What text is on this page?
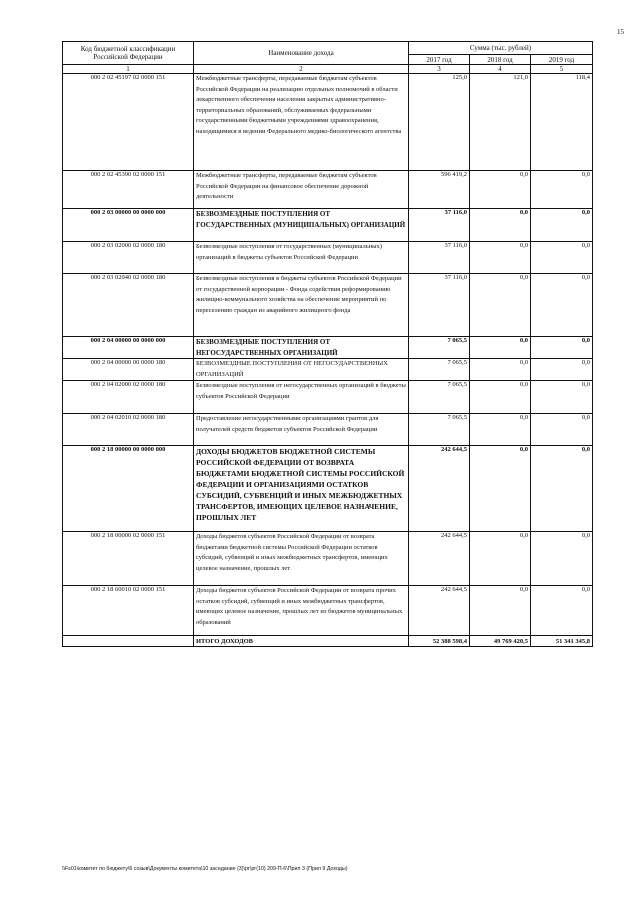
15
Код бюджетной классификации Российской Федерации	Наименование дохода	Сумма (тыс. рублей)		
		2017 год	2018 год	2019 год
1	2	3	4	5
000 2 02 45197 02 0000 151	Межбюджетные трансферты, передаваемые бюджетам субъектов Российской Федерации на реализацию отдельных полномочий в области лекарственного обеспечения населения закрытых административно-территориальных образований, обслуживаемых федеральными государственными бюджетными учреждениями здравоохранения, находящимися в ведении Федерального медико-биологического агентства	125,0	121,0	118,4
000 2 02 45390 02 0000 151	Межбюджетные трансферты, передаваемые бюджетам субъектов Российской Федерации на финансовое обеспечение дорожной деятельности	596 419,2	0,0	0,0
000 2 03 00000 00 0000 000	БЕЗВОЗМЕЗДНЫЕ ПОСТУПЛЕНИЯ ОТ ГОСУДАРСТВЕННЫХ (МУНИЦИПАЛЬНЫХ) ОРГАНИЗАЦИЙ	37 116,0	0,0	0,0
000 2 03 02000 02 0000 180	Безвозмездные поступления от государственных (муниципальных) организаций в бюджеты субъектов Российской Федерации	37 116,0	0,0	0,0
000 2 03 02040 02 0000 180	Безвозмездные поступления в бюджеты субъектов Российской Федерации от государственной корпорации - Фонда содействия реформированию жилищно-коммунального хозяйства на обеспечение мероприятий по переселению граждан из аварийного жилищного фонда	37 116,0	0,0	0,0
000 2 04 00000 00 0000 000	БЕЗВОЗМЕЗДНЫЕ ПОСТУПЛЕНИЯ ОТ НЕГОСУДАРСТВЕННЫХ ОРГАНИЗАЦИЙ	7 065,5	0,0	0,0
000 2 04 00000 00 0000 180	БЕЗВОЗМЕЗДНЫЕ ПОСТУПЛЕНИЯ ОТ НЕГОСУДАРСТВЕННЫХ ОРГАНИЗАЦИЙ	7 065,5	0,0	0,0
000 2 04 02000 02 0000 180	Безвозмездные поступления от негосударственных организаций в бюджеты субъектов Российской Федерации	7 065,5	0,0	0,0
000 2 04 02010 02 0000 180	Предоставление негосударственными организациями грантов для получателей средств бюджетов субъектов Российской Федерации	7 065,5	0,0	0,0
000 2 18 00000 00 0000 000	ДОХОДЫ БЮДЖЕТОВ БЮДЖЕТНОЙ СИСТЕМЫ РОССИЙСКОЙ ФЕДЕРАЦИИ ОТ ВОЗВРАТА БЮДЖЕТАМИ БЮДЖЕТНОЙ СИСТЕМЫ РОССИЙСКОЙ ФЕДЕРАЦИИ И ОРГАНИЗАЦИЯМИ ОСТАТКОВ СУБСИДИЙ, СУБВЕНЦИЙ И ИНЫХ МЕЖБЮДЖЕТНЫХ ТРАНСФЕРТОВ, ИМЕЮЩИХ ЦЕЛЕВОЕ НАЗНАЧЕНИЕ, ПРОШЛЫХ ЛЕТ	242 644,5	0,0	0,0
000 2 18 00000 02 0000 151	Доходы бюджетов субъектов Российской Федерации от возврата бюджетами бюджетной системы Российской Федерации остатков субсидий, субвенций и иных межбюджетных трансфертов, имеющих целевое назначение, прошлых лет	242 644,5	0,0	0,0
000 2 18 60010 02 0000 151	Доходы бюджетов субъектов Российской Федерации от возврата прочих остатков субсидий, субвенций и иных межбюджетных трансфертов, имеющих целевое назначение, прошлых лет из бюджетов муниципальных образований	242 644,5	0,0	0,0
	ИТОГО ДОХОДОВ	52 388 598,4	49 769 420,5	51 341 345,8
\\Fs01\комитет по бюджету\6 созыв\Документы комитета\10 заседание (3)\рг\рг(10) 209-П-6\Прил 3 (Прил 9 Доходы)
